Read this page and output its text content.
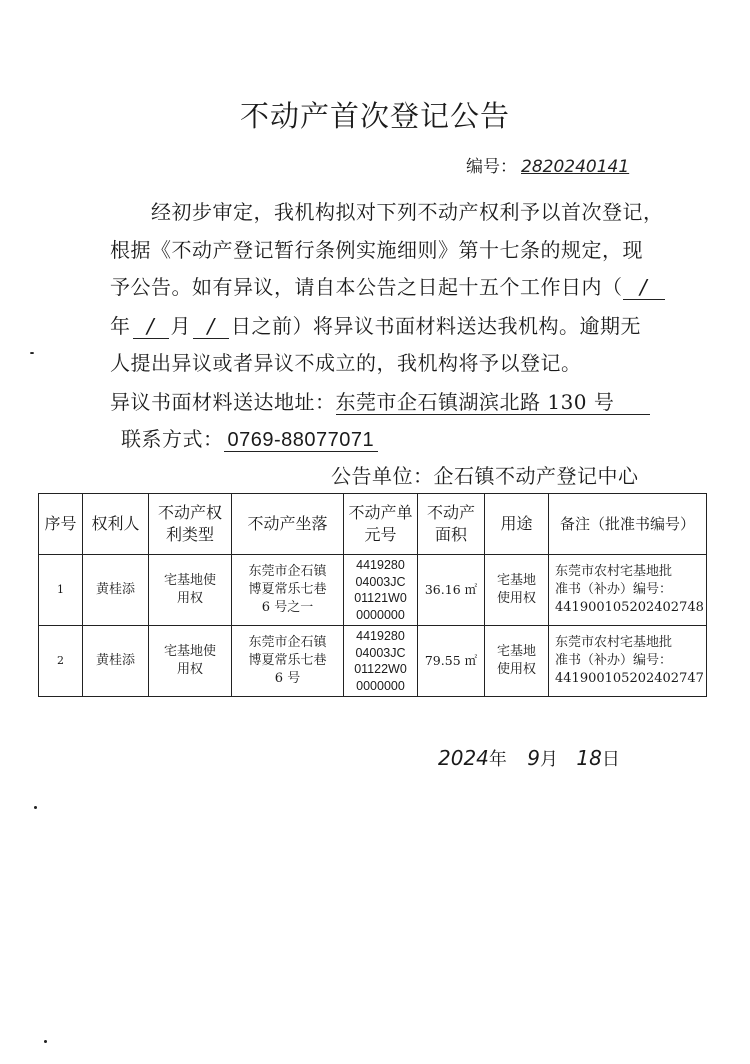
不动产首次登记公告
编号： 2820240141
经初步审定，我机构拟对下列不动产权利予以首次登记，
根据《不动产登记暂行条例实施细则》第十七条的规定，现
予公告。如有异议，请自本公告之日起十五个工作日内（ /
年 / 月 / 日之前）将异议书面材料送达我机构。逾期无
人提出异议或者异议不成立的，我机构将予以登记。
异议书面材料送达地址：东莞市企石镇湖滨北路 130 号
联系方式： 0769-88077071
公告单位：企石镇不动产登记中心
序号	权利人	不动产权
利类型	不动产坐落	不动产单
元号	不动产
面积	用途	备注（批准书编号）
1	黄桂添	宅基地使
用权	东莞市企石镇
博夏常乐七巷
6 号之一	4419280
04003JC
01121W0
0000000	36.16 ㎡	宅基地
使用权	东莞市农村宅基地批
准书（补办）编号：
441900105202402748

2	黄桂添	宅基地使
用权	东莞市企石镇
博夏常乐七巷
6 号	4419280
04003JC
01122W0
0000000	79.55 ㎡	宅基地
使用权	东莞市农村宅基地批
准书（补办）编号：
441900105202402747
2024年 9月 18日
